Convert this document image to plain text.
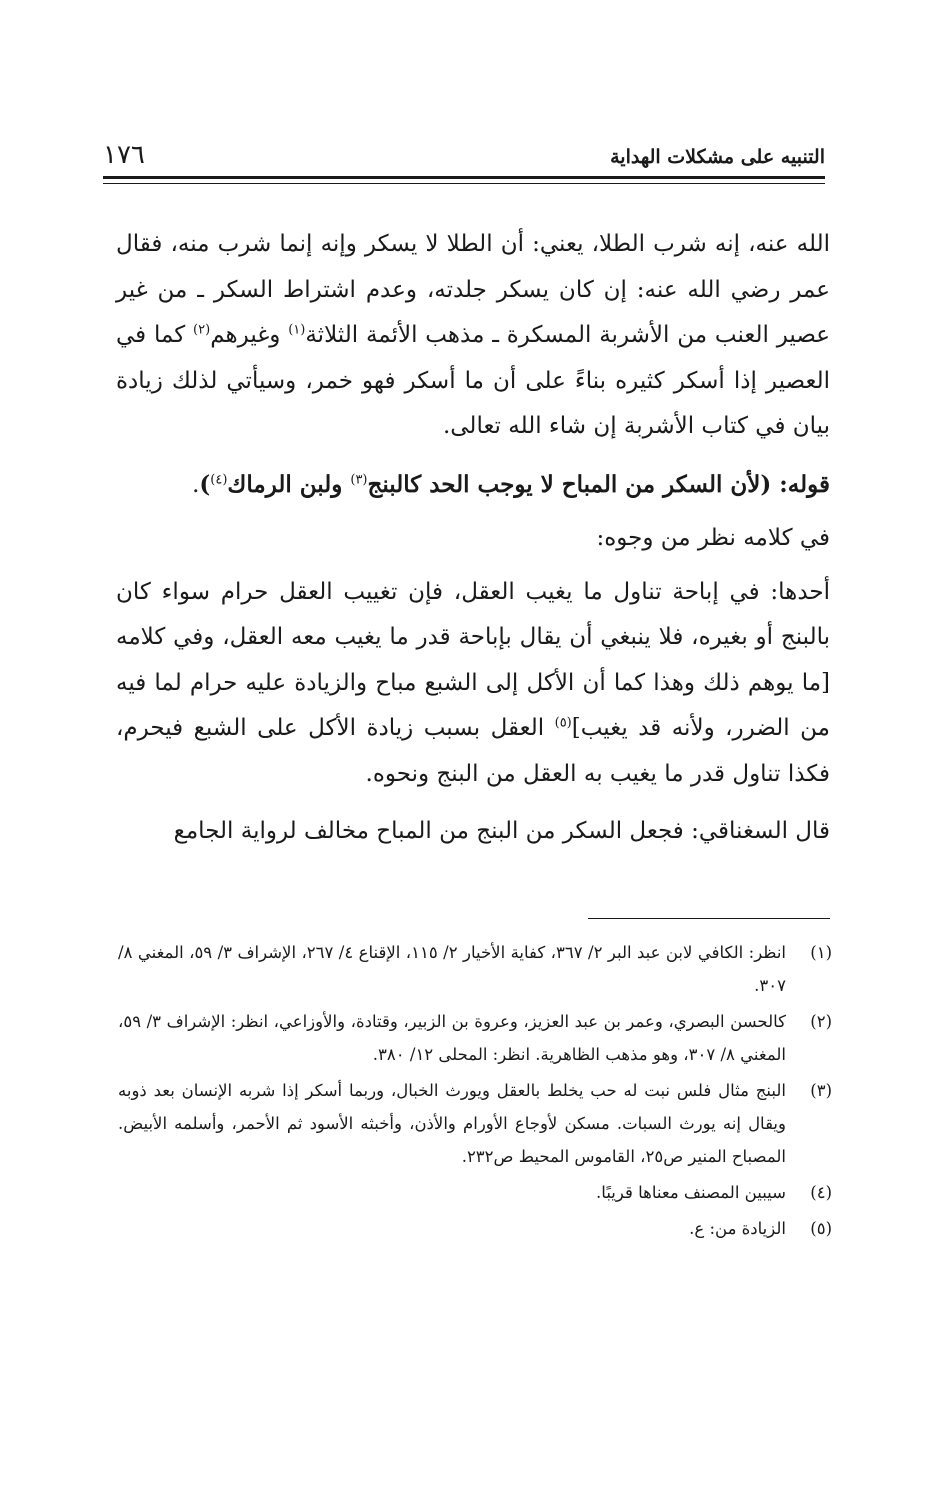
١٧٦	التنبيه على مشكلات الهداية

الله عنه، إنه شرب الطلا، يعني: أن الطلا لا يسكر وإنه إنما شرب منه، فقال عمر رضي الله عنه: إن كان يسكر جلدته، وعدم اشتراط السكر ـ من غير عصير العنب من الأشربة المسكرة ـ مذهب الأئمة الثلاثة$^{(١)}$ وغيرهم$^{(٢)}$ كما في العصير إذا أسكر كثيره بناءً على أن ما أسكر فهو خمر، وسيأتي لذلك زيادة بيان في كتاب الأشربة إن شاء الله تعالى.

قوله: (لأن السكر من المباح لا يوجب الحد كالبنج$^{(٣)}$ ولبن الرماك$^{(٤)}$).

في كلامه نظر من وجوه:

أحدها: في إباحة تناول ما يغيب العقل، فإن تغييب العقل حرام سواء كان بالبنج أو بغيره، فلا ينبغي أن يقال بإباحة قدر ما يغيب معه العقل، وفي كلامه [ما يوهم ذلك وهذا كما أن الأكل إلى الشبع مباح والزيادة عليه حرام لما فيه من الضرر، ولأنه قد يغيب]$^{(٥)}$ العقل بسبب زيادة الأكل على الشبع فيحرم، فكذا تناول قدر ما يغيب به العقل من البنج ونحوه.

قال السغناقي: فجعل السكر من البنج من المباح مخالف لرواية الجامع

(١)
انظر: الكافي لابن عبد البر ٢/ ٣٦٧، كفاية الأخيار ٢/ ١١٥، الإقناع ٤/ ٢٦٧، الإشراف ٣/ ٥٩، المغني ٨/ ٣٠٧.
(٢)
كالحسن البصري، وعمر بن عبد العزيز، وعروة بن الزبير، وقتادة، والأوزاعي، انظر: الإشراف ٣/ ٥٩، المغني ٨/ ٣٠٧، وهو مذهب الظاهرية. انظر: المحلى ١٢/ ٣٨٠.
(٣)
البنج مثال فلس نبت له حب يخلط بالعقل ويورث الخبال، وربما أسكر إذا شربه الإنسان بعد ذوبه ويقال إنه يورث السبات. مسكن لأوجاع الأورام والأذن، وأخبثه الأسود ثم الأحمر، وأسلمه الأبيض. المصباح المنير ص٢٥، القاموس المحيط ص٢٣٢.
(٤)
سيبين المصنف معناها قريبًا.
(٥)
الزيادة من: ع.
